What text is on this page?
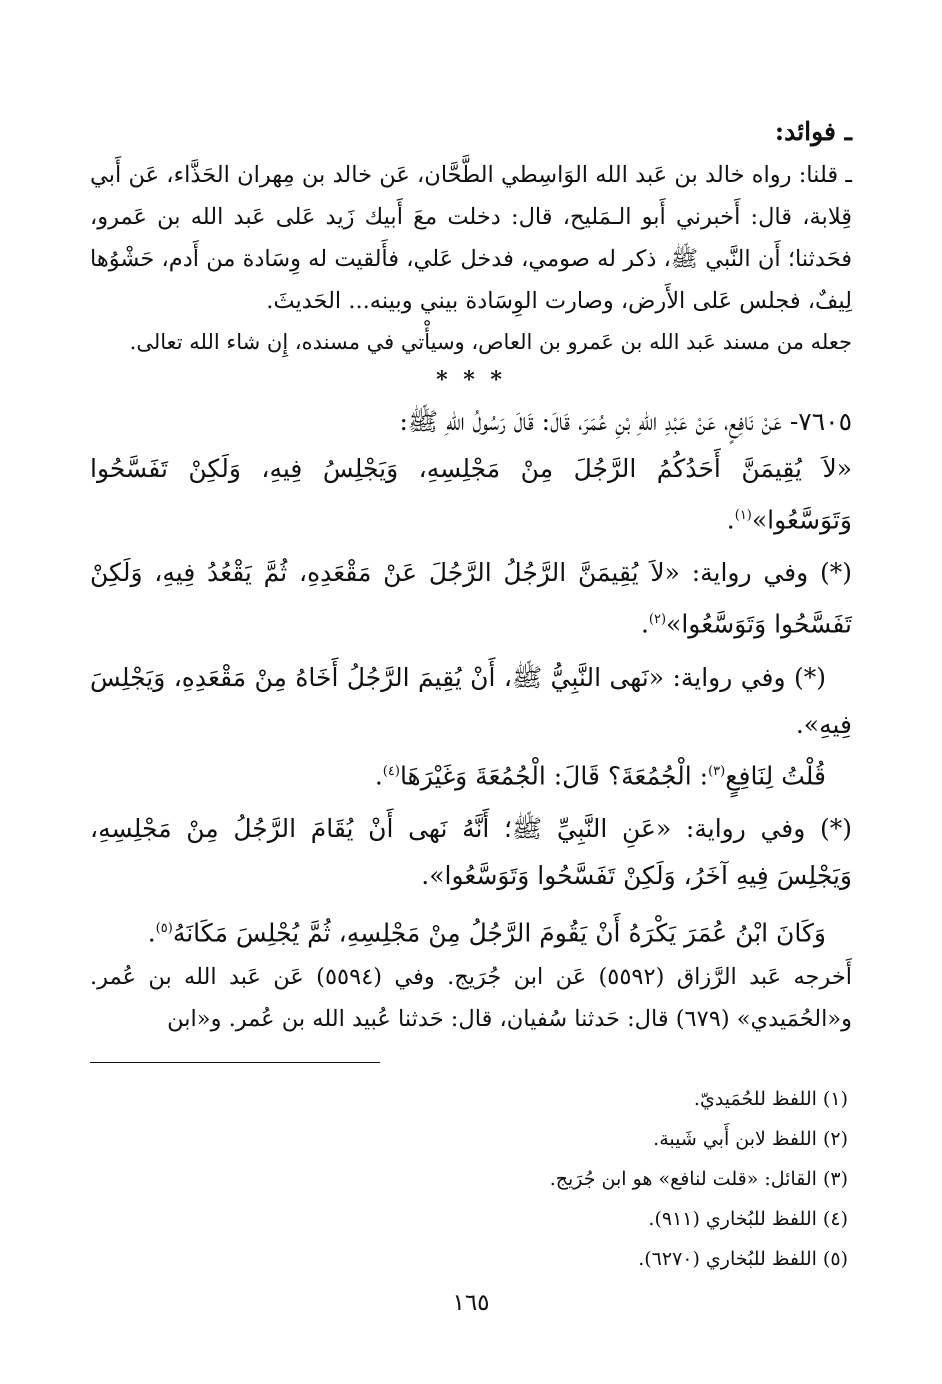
ـ فوائد:

ـ قلنا: رواه خالد بن عَبد الله الوَاسِطي الطَّحَّان، عَن خالد بن مِهران الحَذَّاء، عَن أَبي قِلابة، قال: أَخبرني أَبو الـمَليح، قال: دخلت معَ أَبيك زَيد عَلى عَبد الله بن عَمرو، فحَدثنا؛ أَن النَّبي ﷺ، ذكر له صومي، فدخل عَلي، فأَلقيت له وِسَادة من أَدم، حَشْوُها لِيفٌ، فجلس عَلى الأَرض، وصارت الوِسَادة بيني وبينه... الحَديثَ.

جعله من مسند عَبد الله بن عَمرو بن العاص، وسيأْتي في مسنده، إِن شاء الله تعالى.

* * *

٧٦٠٥- عَنْ نَافِعٍ، عَنْ عَبْدِ اللهِ بْنِ عُمَرَ، قَالَ: قَالَ رَسُولُ اللهِ ﷺ:

«لاَ يُقِيمَنَّ أَحَدُكُمُ الرَّجُلَ مِنْ مَجْلِسِهِ، وَيَجْلِسُ فِيهِ، وَلَكِنْ تَفَسَّحُوا وَتَوَسَّعُوا»$^{(١)}$.

(*) وفي رواية: «لاَ يُقِيمَنَّ الرَّجُلُ الرَّجُلَ عَنْ مَقْعَدِهِ، ثُمَّ يَقْعُدُ فِيهِ، وَلَكِنْ تَفَسَّحُوا وَتَوَسَّعُوا»$^{(٢)}$.

(*) وفي رواية: «نَهى النَّبِيُّ ﷺ، أَنْ يُقِيمَ الرَّجُلُ أَخَاهُ مِنْ مَقْعَدِهِ، وَيَجْلِسَ فِيهِ».

قُلْتُ لِنَافِعٍ$^{(٣)}$: الْجُمُعَةَ؟ قَالَ: الْجُمُعَةَ وَغَيْرَهَا$^{(٤)}$.

(*) وفي رواية: «عَنِ النَّبِيِّ ﷺ؛ أَنَّهُ نَهى أَنْ يُقَامَ الرَّجُلُ مِنْ مَجْلِسِهِ، وَيَجْلِسَ فِيهِ آخَرُ، وَلَكِنْ تَفَسَّحُوا وَتَوَسَّعُوا».

وَكَانَ ابْنُ عُمَرَ يَكْرَهُ أَنْ يَقُومَ الرَّجُلُ مِنْ مَجْلِسِهِ، ثُمَّ يُجْلِسَ مَكَانَهُ$^{(٥)}$.

أَخرجه عَبد الرَّزاق (٥٥٩٢) عَن ابن جُرَيج. وفي (٥٥٩٤) عَن عَبد الله بن عُمر. و«الحُمَيدي» (٦٧٩) قال: حَدثنا سُفيان، قال: حَدثنا عُبيد الله بن عُمر. و«ابن

(١) اللفظ للحُمَيديّ.
(٢) اللفظ لابن أَبي شَيبة.
(٣) القائل: «قلت لنافع» هو ابن جُرَيج.
(٤) اللفظ للبُخاري (٩١١).
(٥) اللفظ للبُخاري (٦٢٧٠).
١٦٥
